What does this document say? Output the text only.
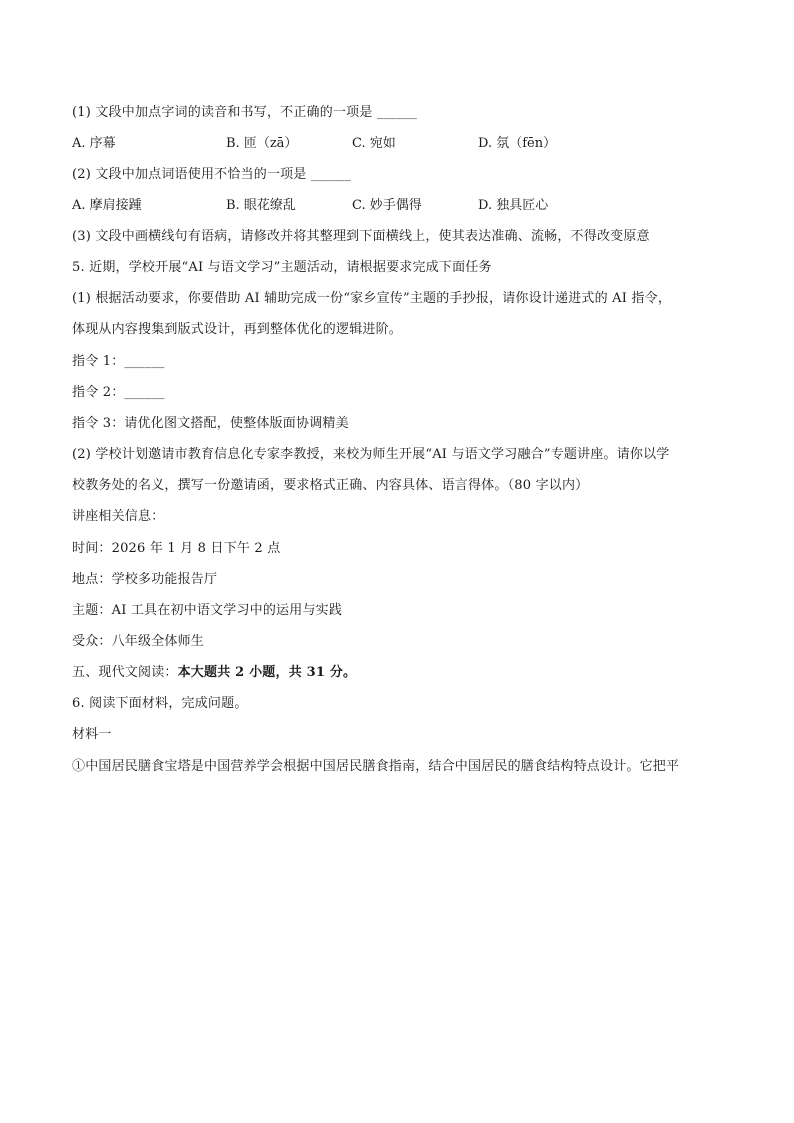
(1) 文段中加点字词的读音和书写，不正确的一项是 ______
A. 序幕	B. 匝（zā）	C. 宛如	D. 氛（fēn）
(2) 文段中加点词语使用不恰当的一项是 ______
A. 摩肩接踵	B. 眼花缭乱	C. 妙手偶得	D. 独具匠心
(3) 文段中画横线句有语病，请修改并将其整理到下面横线上，使其表达准确、流畅，不得改变原意
5. 近期，学校开展“AI 与语文学习”主题活动，请根据要求完成下面任务
(1) 根据活动要求，你要借助 AI 辅助完成一份“家乡宣传”主题的手抄报，请你设计递进式的 AI 指令，
体现从内容搜集到版式设计，再到整体优化的逻辑进阶。
指令 1：______
指令 2：______
指令 3：请优化图文搭配，使整体版面协调精美
(2) 学校计划邀请市教育信息化专家李教授，来校为师生开展“AI 与语文学习融合”专题讲座。请你以学
校教务处的名义，撰写一份邀请函，要求格式正确、内容具体、语言得体。（80 字以内）
讲座相关信息：
时间：2026 年 1 月 8 日下午 2 点
地点：学校多功能报告厅
主题：AI 工具在初中语文学习中的运用与实践
受众：八年级全体师生
五、现代文阅读：本大题共 2 小题，共 31 分。
6. 阅读下面材料，完成问题。
材料一
①中国居民膳食宝塔是中国营养学会根据中国居民膳食指南，结合中国居民的膳食结构特点设计。它把平
